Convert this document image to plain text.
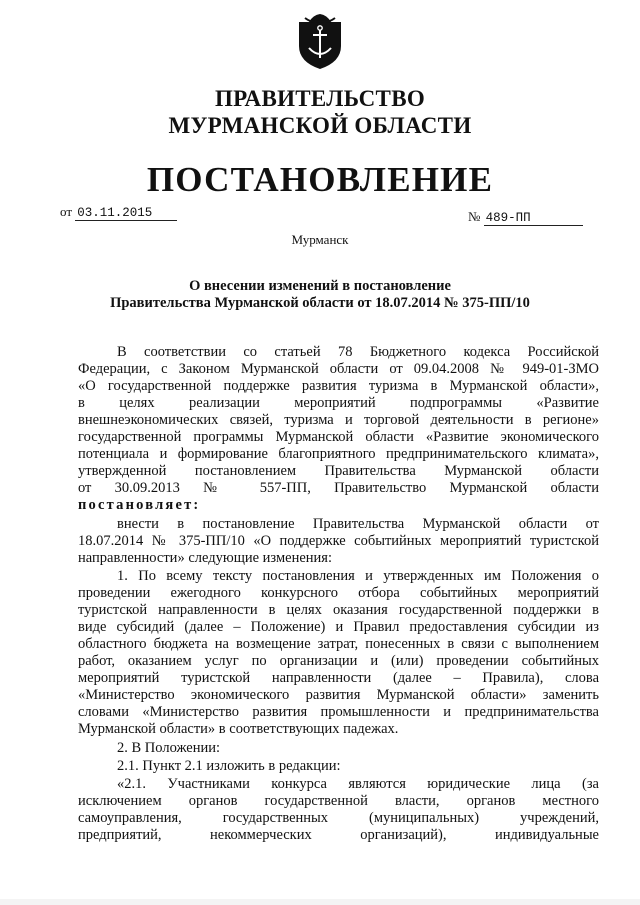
ПРАВИТЕЛЬСТВО
МУРМАНСКОЙ ОБЛАСТИ
ПОСТАНОВЛЕНИЕ
от 03.11.2015	№ 489-ПП
Мурманск
О внесении изменений в постановление
Правительства Мурманской области от 18.07.2014 № 375-ПП/10
В соответствии со статьей 78 Бюджетного кодекса Российской
Федерации, с Законом Мурманской области от 09.04.2008 № 949-01-ЗМО
«О государственной поддержке развития туризма в Мурманской области»,
в целях реализации мероприятий подпрограммы «Развитие
внешнеэкономических связей, туризма и торговой деятельности в регионе»
государственной программы Мурманской области «Развитие экономического
потенциала и формирование благоприятного предпринимательского климата»,
утвержденной постановлением Правительства Мурманской области
от 30.09.2013 № 557-ПП, Правительство Мурманской области
постановляет:
внести в постановление Правительства Мурманской области от
18.07.2014 № 375-ПП/10 «О поддержке событийных мероприятий туристской
направленности» следующие изменения:
1. По всему тексту постановления и утвержденных им Положения о
проведении ежегодного конкурсного отбора событийных мероприятий
туристской направленности в целях оказания государственной поддержки в
виде субсидий (далее – Положение) и Правил предоставления субсидии из
областного бюджета на возмещение затрат, понесенных в связи с выполнением
работ, оказанием услуг по организации и (или) проведении событийных
мероприятий туристской направленности (далее – Правила), слова
«Министерство экономического развития Мурманской области» заменить
словами «Министерство развития промышленности и предпринимательства
Мурманской области» в соответствующих падежах.
2. В Положении:
2.1. Пункт 2.1 изложить в редакции:
«2.1. Участниками конкурса являются юридические лица (за
исключением органов государственной власти, органов местного
самоуправления, государственных (муниципальных) учреждений,
предприятий, некоммерческих организаций), индивидуальные
